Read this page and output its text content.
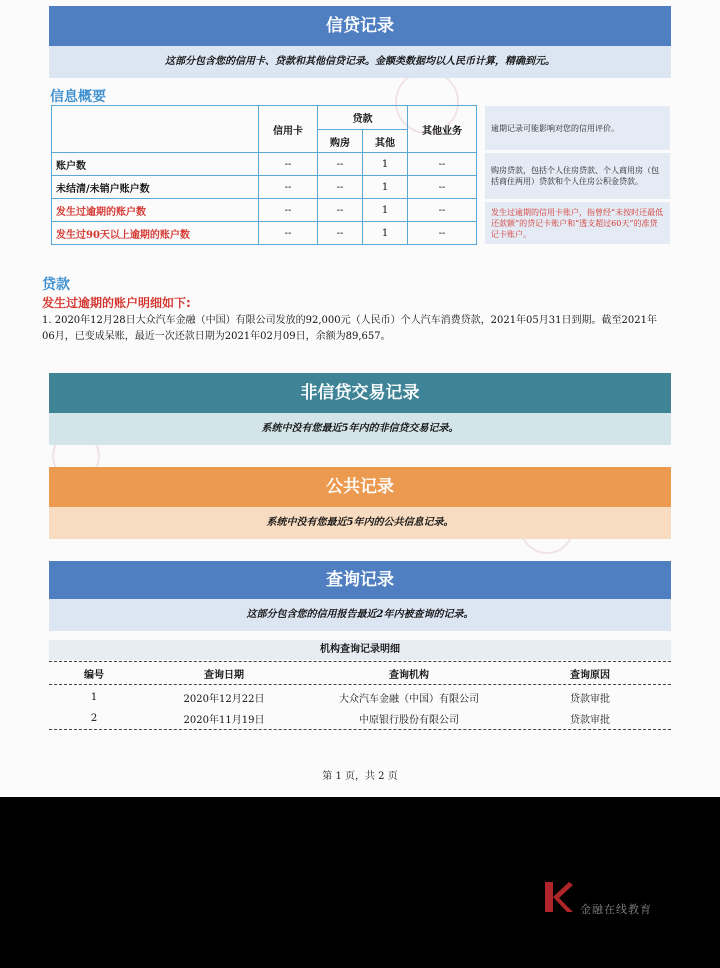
信贷记录
这部分包含您的信用卡、贷款和其他信贷记录。金额类数据均以人民币计算，精确到元。
信息概要
	信用卡	贷款		其他业务
		购房	其他	
账户数	--	--	1	--
未结清/未销户账户数	--	--	1	--
发生过逾期的账户数	--	--	1	--
发生过90天以上逾期的账户数	--	--	1	--
逾期记录可能影响对您的信用评价。
购房贷款，包括个人住房贷款、个人商用房（包括商住两用）贷款和个人住房公积金贷款。
发生过逾期的信用卡账户，指曾经“未按时还最低还款额”的贷记卡账户和“透支超过60天”的准贷记卡账户。
贷款
发生过逾期的账户明细如下:
1. 2020年12月28日大众汽车金融（中国）有限公司发放的92,000元（人民币）个人汽车消费贷款，2021年05月31日到期。截至2021年06月，已变成呆账，最近一次还款日期为2021年02月09日，余额为89,657。
非信贷交易记录
系统中没有您最近5年内的非信贷交易记录。
公共记录
系统中没有您最近5年内的公共信息记录。
查询记录
这部分包含您的信用报告最近2年内被查询的记录。
机构查询记录明细
编号	查询日期	查询机构	查询原因
1	2020年12月22日	大众汽车金融（中国）有限公司	贷款审批
2	2020年11月19日	中原银行股份有限公司	贷款审批
第 1 页，共 2 页
金融在线教育
